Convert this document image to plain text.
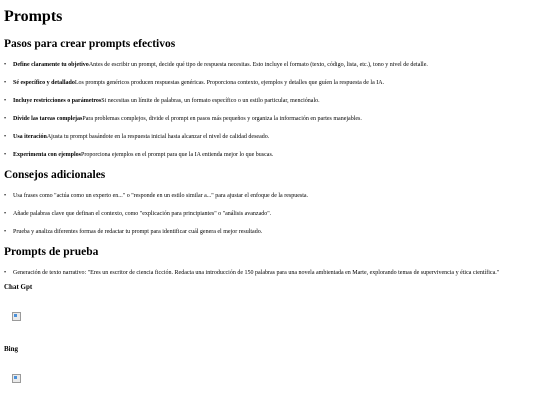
Prompts
Pasos para crear prompts efectivos
• Define claramente tu objetivoAntes de escribir un prompt, decide qué tipo de respuesta necesitas. Esto incluye el formato (texto, código, lista, etc.), tono y nivel de detalle.
• Sé específico y detalladoLos prompts genéricos producen respuestas genéricas. Proporciona contexto, ejemplos y detalles que guíen la respuesta de la IA.
• Incluye restricciones o parámetrosSi necesitas un límite de palabras, un formato específico o un estilo particular, menciónalo.
• Divide las tareas complejasPara problemas complejos, divide el prompt en pasos más pequeños y organiza la información en partes manejables.
• Usa iteraciónAjusta tu prompt basándote en la respuesta inicial hasta alcanzar el nivel de calidad deseado.
• Experimenta con ejemplosProporciona ejemplos en el prompt para que la IA entienda mejor lo que buscas.
Consejos adicionales
• Usa frases como "actúa como un experto en..." o "responde en un estilo similar a..." para ajustar el enfoque de la respuesta.
• Añade palabras clave que definan el contexto, como "explicación para principiantes" o "análisis avanzado".
• Prueba y analiza diferentes formas de redactar tu prompt para identificar cuál genera el mejor resultado.
Prompts de prueba
• Generación de texto narrativo: "Eres un escritor de ciencia ficción. Redacta una introducción de 150 palabras para una novela ambientada en Marte, explorando temas de supervivencia y ética científica."
Chat Gpt
Bing
